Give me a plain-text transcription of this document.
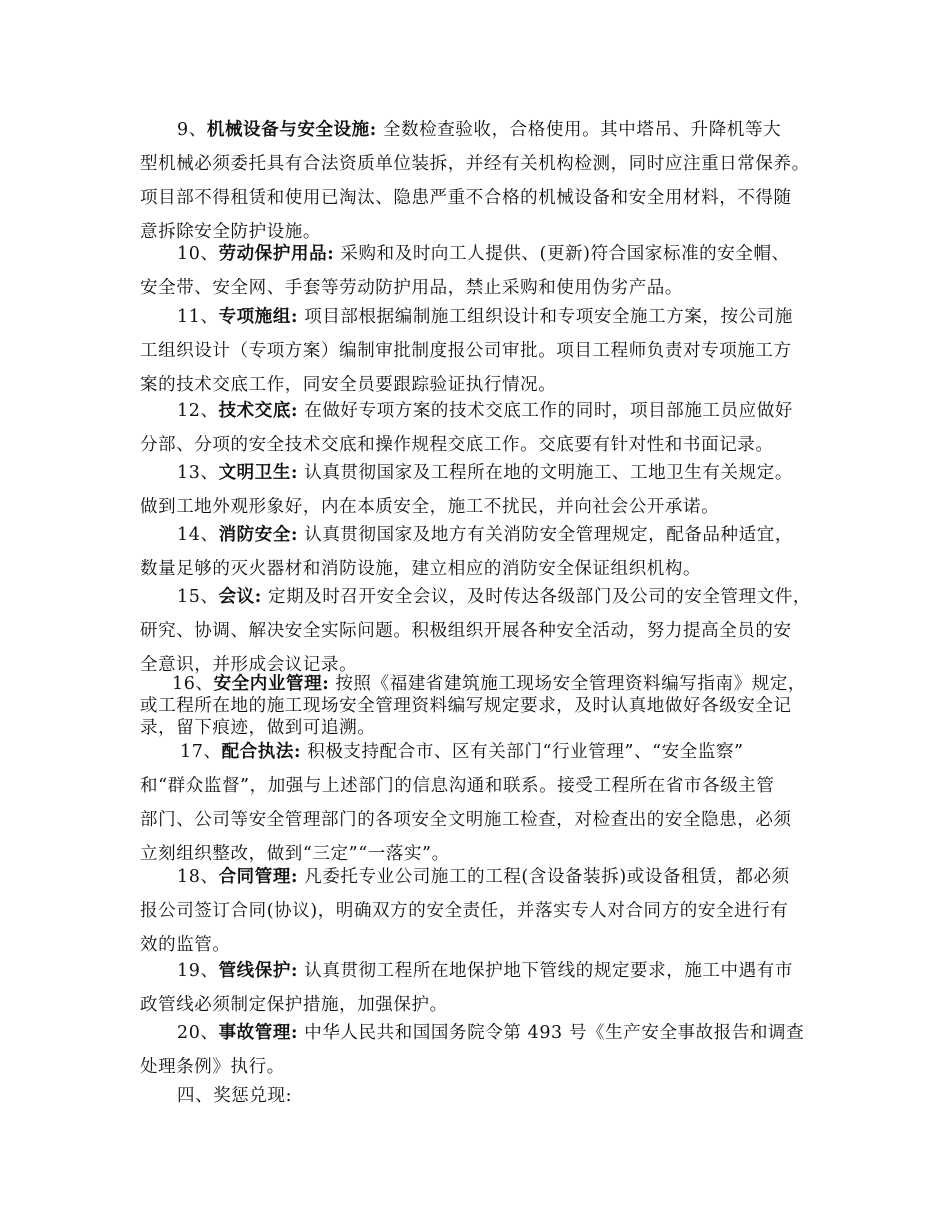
9、机械设备与安全设施: 全数检查验收，合格使用。其中塔吊、升降机等大
型机械必须委托具有合法资质单位装拆，并经有关机构检测，同时应注重日常保养。
项目部不得租赁和使用已淘汰、隐患严重不合格的机械设备和安全用材料，不得随
意拆除安全防护设施。

10、劳动保护用品: 采购和及时向工人提供、(更新)符合国家标准的安全帽、
安全带、安全网、手套等劳动防护用品，禁止采购和使用伪劣产品。

11、专项施组: 项目部根据编制施工组织设计和专项安全施工方案，按公司施
工组织设计（专项方案）编制审批制度报公司审批。项目工程师负责对专项施工方
案的技术交底工作，同安全员要跟踪验证执行情况。

12、技术交底: 在做好专项方案的技术交底工作的同时，项目部施工员应做好
分部、分项的安全技术交底和操作规程交底工作。交底要有针对性和书面记录。

13、文明卫生: 认真贯彻国家及工程所在地的文明施工、工地卫生有关规定。
做到工地外观形象好，内在本质安全，施工不扰民，并向社会公开承诺。

14、消防安全: 认真贯彻国家及地方有关消防安全管理规定，配备品种适宜，
数量足够的灭火器材和消防设施，建立相应的消防安全保证组织机构。

15、会议: 定期及时召开安全会议，及时传达各级部门及公司的安全管理文件，
研究、协调、解决安全实际问题。积极组织开展各种安全活动，努力提高全员的安
全意识，并形成会议记录。

16、安全内业管理: 按照《福建省建筑施工现场安全管理资料编写指南》规定，
或工程所在地的施工现场安全管理资料编写规定要求，及时认真地做好各级安全记
录，留下痕迹，做到可追溯。

17、配合执法: 积极支持配合市、区有关部门“行业管理”、“安全监察”
和“群众监督”，加强与上述部门的信息沟通和联系。接受工程所在省市各级主管
部门、公司等安全管理部门的各项安全文明施工检查，对检查出的安全隐患，必须
立刻组织整改，做到“三定”“一落实”。

18、合同管理: 凡委托专业公司施工的工程(含设备装拆)或设备租赁，都必须
报公司签订合同(协议)，明确双方的安全责任，并落实专人对合同方的安全进行有
效的监管。

19、管线保护: 认真贯彻工程所在地保护地下管线的规定要求，施工中遇有市
政管线必须制定保护措施，加强保护。

20、事故管理: 中华人民共和国国务院令第 493 号《生产安全事故报告和调查
处理条例》执行。

四、奖惩兑现:
